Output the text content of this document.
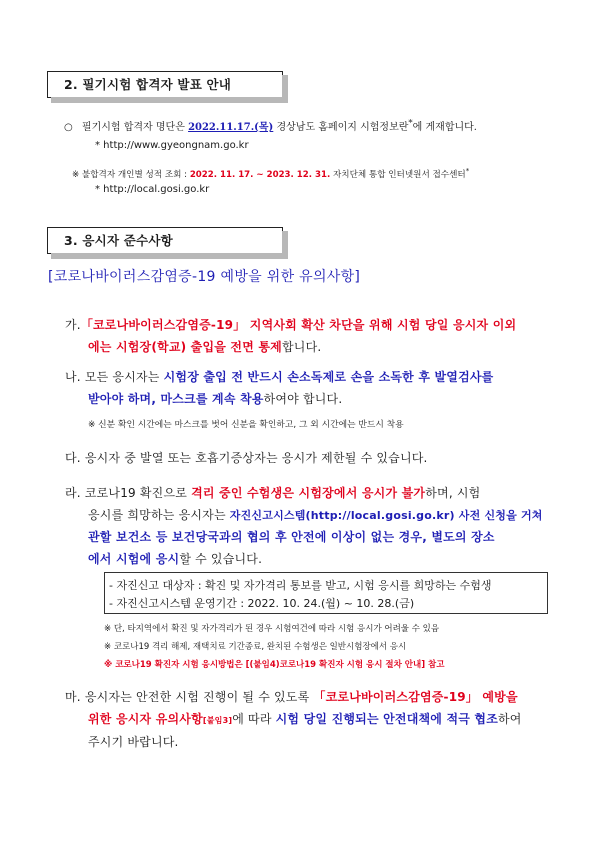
2. 필기시험 합격자 발표 안내
○ 필기시험 합격자 명단은 2022.11.17.(목) 경상남도 홈페이지 시험정보란*에 게재합니다.
* http://www.gyeongnam.go.kr
※ 불합격자 개인별 성적 조회 : 2022. 11. 17. ~ 2023. 12. 31. 자치단체 통합 인터넷원서 접수센터*
* http://local.gosi.go.kr
3. 응시자 준수사항
[코로나바이러스감염증-19 예방을 위한 유의사항]
가.「코로나바이러스감염증-19」 지역사회 확산 차단을 위해 시험 당일 응시자 이외
에는 시험장(학교) 출입을 전면 통제합니다.
나. 모든 응시자는 시험장 출입 전 반드시 손소독제로 손을 소독한 후 발열검사를
받아야 하며, 마스크를 계속 착용하여야 합니다.
※ 신분 확인 시간에는 마스크를 벗어 신분을 확인하고, 그 외 시간에는 반드시 착용
다. 응시자 중 발열 또는 호흡기증상자는 응시가 제한될 수 있습니다.
라. 코로나19 확진으로 격리 중인 수험생은 시험장에서 응시가 불가하며, 시험
응시를 희망하는 응시자는 자진신고시스템(http://local.gosi.go.kr) 사전 신청을 거쳐
관할 보건소 등 보건당국과의 협의 후 안전에 이상이 없는 경우, 별도의 장소
에서 시험에 응시할 수 있습니다.
- 자진신고 대상자 : 확진 및 자가격리 통보를 받고, 시험 응시를 희망하는 수험생
- 자진신고시스템 운영기간 : 2022. 10. 24.(월) ~ 10. 28.(금)
※ 단, 타지역에서 확진 및 자가격리가 된 경우 시험여건에 따라 시험 응시가 어려울 수 있음
※ 코로나19 격리 해제, 재택치료 기간종료, 완치된 수험생은 일반시험장에서 응시
※ 코로나19 확진자 시험 응시방법은 [(붙임4)코로나19 확진자 시험 응시 절차 안내] 참고
마. 응시자는 안전한 시험 진행이 될 수 있도록 「코로나바이러스감염증-19」 예방을
위한 응시자 유의사항[붙임3]에 따라 시험 당일 진행되는 안전대책에 적극 협조하여
주시기 바랍니다.
